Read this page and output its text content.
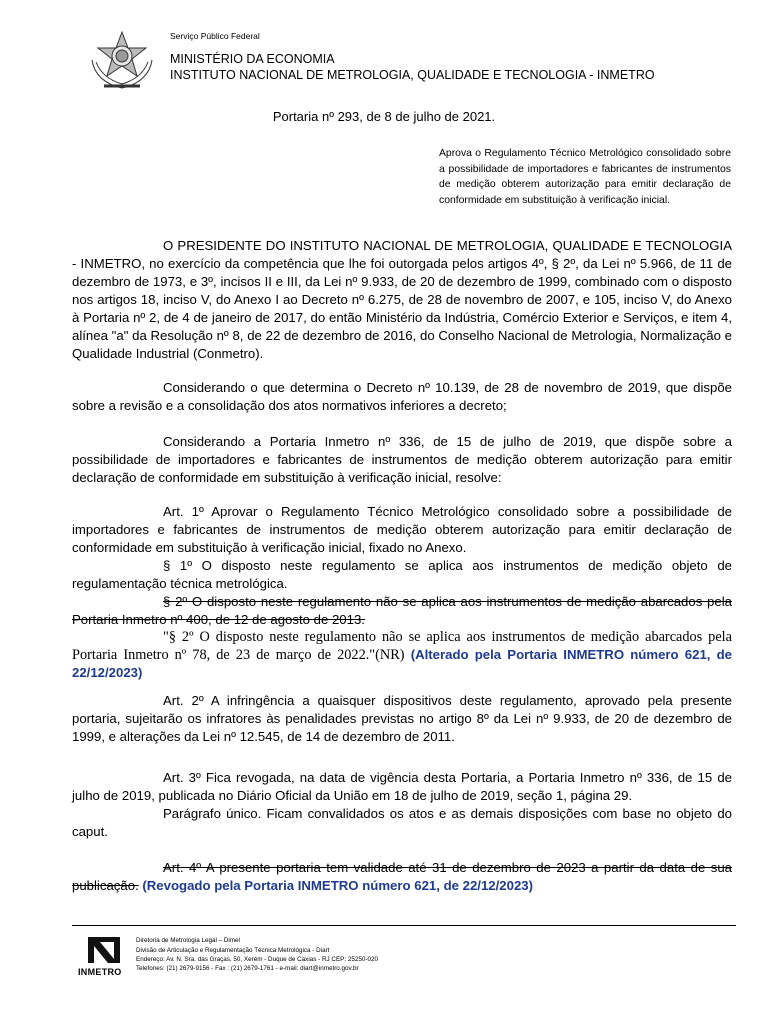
Serviço Público Federal
MINISTÉRIO DA ECONOMIA
INSTITUTO NACIONAL DE METROLOGIA, QUALIDADE E TECNOLOGIA - INMETRO
Portaria nº 293, de 8 de julho de 2021.
Aprova o Regulamento Técnico Metrológico consolidado sobre a possibilidade de importadores e fabricantes de instrumentos de medição obterem autorização para emitir declaração de conformidade em substituição à verificação inicial.

O PRESIDENTE DO INSTITUTO NACIONAL DE METROLOGIA, QUALIDADE E TECNOLOGIA - INMETRO, no exercício da competência que lhe foi outorgada pelos artigos 4º, § 2º, da Lei nº 5.966, de 11 de dezembro de 1973, e 3º, incisos II e III, da Lei nº 9.933, de 20 de dezembro de 1999, combinado com o disposto nos artigos 18, inciso V, do Anexo I ao Decreto nº 6.275, de 28 de novembro de 2007, e 105, inciso V, do Anexo à Portaria nº 2, de 4 de janeiro de 2017, do então Ministério da Indústria, Comércio Exterior e Serviços, e item 4, alínea "a" da Resolução nº 8, de 22 de dezembro de 2016, do Conselho Nacional de Metrologia, Normalização e Qualidade Industrial (Conmetro).

Considerando o que determina o Decreto nº 10.139, de 28 de novembro de 2019, que dispõe sobre a revisão e a consolidação dos atos normativos inferiores a decreto;

Considerando a Portaria Inmetro nº 336, de 15 de julho de 2019, que dispõe sobre a possibilidade de importadores e fabricantes de instrumentos de medição obterem autorização para emitir declaração de conformidade em substituição à verificação inicial, resolve:

Art. 1º Aprovar o Regulamento Técnico Metrológico consolidado sobre a possibilidade de importadores e fabricantes de instrumentos de medição obterem autorização para emitir declaração de conformidade em substituição à verificação inicial, fixado no Anexo.

§ 1º O disposto neste regulamento se aplica aos instrumentos de medição objeto de regulamentação técnica metrológica.

§ 2º O disposto neste regulamento não se aplica aos instrumentos de medição abarcados pela Portaria Inmetro nº 400, de 12 de agosto de 2013.

"§ 2º O disposto neste regulamento não se aplica aos instrumentos de medição abarcados pela Portaria Inmetro nº 78, de 23 de março de 2022."(NR) (Alterado pela Portaria INMETRO número 621, de 22/12/2023)

Art. 2º A infringência a quaisquer dispositivos deste regulamento, aprovado pela presente portaria, sujeitarão os infratores às penalidades previstas no artigo 8º da Lei nº 9.933, de 20 de dezembro de 1999, e alterações da Lei nº 12.545, de 14 de dezembro de 2011.

Art. 3º Fica revogada, na data de vigência desta Portaria, a Portaria Inmetro nº 336, de 15 de julho de 2019, publicada no Diário Oficial da União em 18 de julho de 2019, seção 1, página 29.

Parágrafo único. Ficam convalidados os atos e as demais disposições com base no objeto do caput.

Art. 4º A presente portaria tem validade até 31 de dezembro de 2023 a partir da data de sua publicação. (Revogado pela Portaria INMETRO número 621, de 22/12/2023)

INMETRO
Diretoria de Metrologia Legal – Dimel
Divisão de Articulação e Regulamentação Técnica Metrológica - Diart
Endereço: Av. N. Sra. das Graças, 50, Xerém - Duque de Caxias - RJ CEP: 25250-020
Telefones: (21) 2679-9156 - Fax : (21) 2679-1761 - e-mail: diart@inmetro.gov.br
